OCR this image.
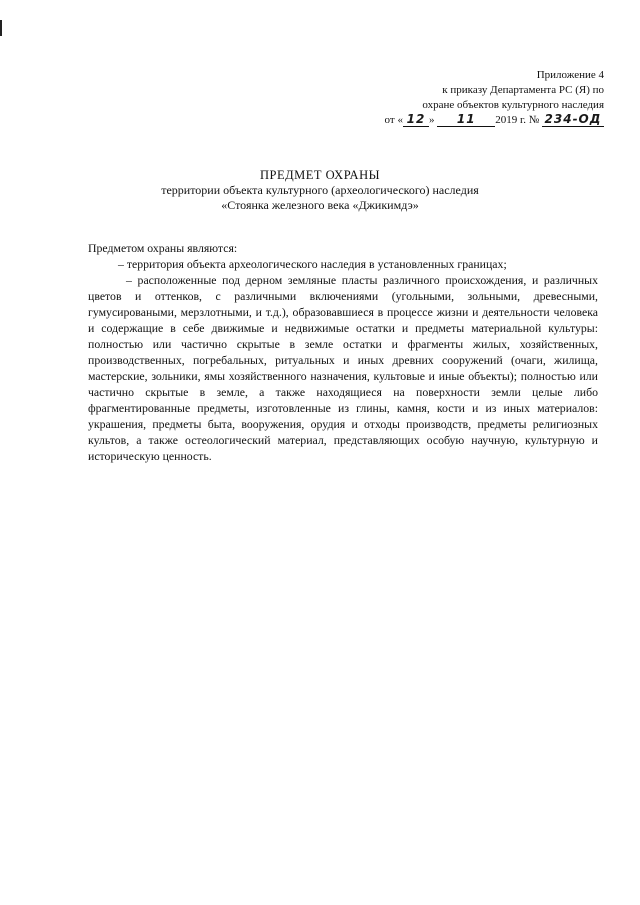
Приложение 4
к приказу Департамента РС (Я) по
охране объектов культурного наследия
от « 12 » 11 2019 г. № 234-ОД
ПРЕДМЕТ ОХРАНЫ
территории объекта культурного (археологического) наследия
«Стоянка железного века «Джикимдэ»

Предметом охраны являются:

– территория объекта археологического наследия в установленных границах;

– расположенные под дерном земляные пласты различного происхождения, и различных цветов и оттенков, с различными включениями (угольными, зольными, древесными, гумусироваными, мерзлотными, и т.д.), образовавшиеся в процессе жизни и деятельности человека и содержащие в себе движимые и недвижимые остатки и предметы материальной культуры: полностью или частично скрытые в земле остатки и фрагменты жилых, хозяйственных, производственных, погребальных, ритуальных и иных древних сооружений (очаги, жилища, мастерские, зольники, ямы хозяйственного назначения, культовые и иные объекты); полностью или частично скрытые в земле, а также находящиеся на поверхности земли целые либо фрагментированные предметы, изготовленные из глины, камня, кости и из иных материалов: украшения, предметы быта, вооружения, орудия и отходы производств, предметы религиозных культов, а также остеологический материал, представляющих особую научную, культурную и историческую ценность.
